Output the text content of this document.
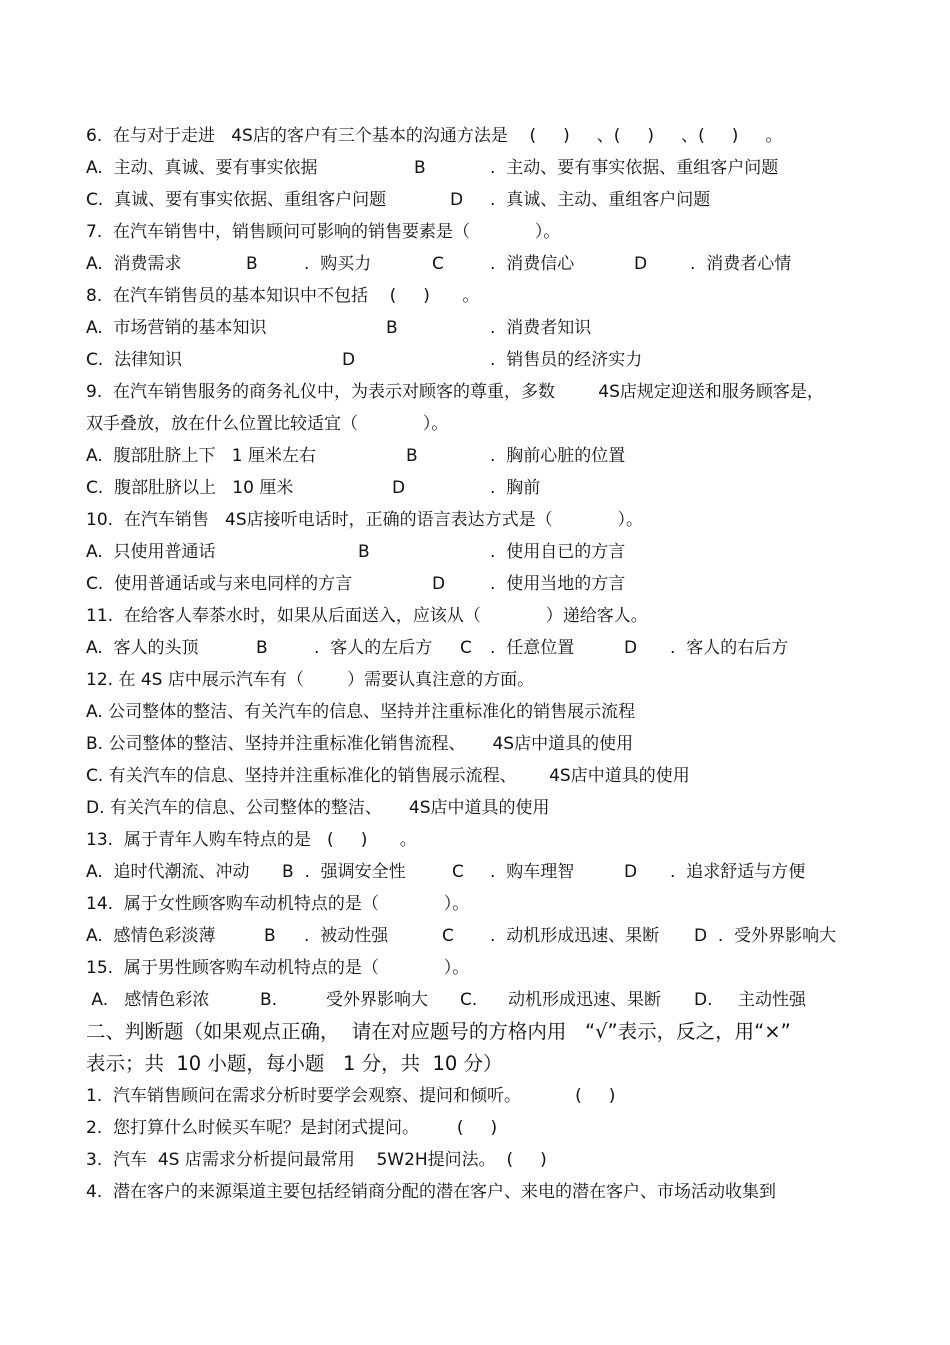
6.  在与对于走进   4S店的客户有三个基本的沟通方法是    (     )     、(     )     、(     )     。

A.  主动、真诚、要有事实依据

	B

	.  主动、要有事实依据、重组客户问题

C.  真诚、要有事实依据、重组客户问题

	D

.  真诚、主动、重组客户问题

7.  在汽车销售中，销售顾问可影响的销售要素是（            ）。

A.  消费需求

	B

	.  购买力

	C

	.  消费信心

	D

	.  消费者心情

8.  在汽车销售员的基本知识中不包括    (     )      。

A.  市场营销的基本知识

	B

	.  消费者知识

C.  法律知识

	D

	.  销售员的经济实力

9.  在汽车销售服务的商务礼仪中，为表示对顾客的尊重，多数        4S店规定迎送和服务顾客是，
双手叠放，放在什么位置比较适宜（            ）。

A.  腹部肚脐上下   1 厘米左右

	B

	.  胸前心脏的位置

C.  腹部肚脐以上   10 厘米

	D

	.  胸前

10.  在汽车销售   4S店接听电话时，正确的语言表达方式是（            ）。

A.  只使用普通话

	B

	.  使用自已的方言

C.  使用普通话或与来电同样的方言

	D

	.  使用当地的方言

11.  在给客人奉茶水时，如果从后面送入，应该从（            ）递给客人。

A.  客人的头顶

	B

	.  客人的左后方

C

.  任意位置

	D

.  客人的右后方

12. 在 4S 店中展示汽车有（        ）需要认真注意的方面。
A. 公司整体的整洁、有关汽车的信息、坚持并注重标准化的销售展示流程
B. 公司整体的整洁、坚持并注重标准化销售流程、     4S店中道具的使用
C. 有关汽车的信息、坚持并注重标准化的销售展示流程、      4S店中道具的使用
D. 有关汽车的信息、公司整体的整洁、     4S店中道具的使用
13.  属于青年人购车特点的是   (     )      。

A.  追时代潮流、冲动

B  .  强调安全性

	C

.  购车理智

	D

.  追求舒适与方便

14.  属于女性顾客购车动机特点的是（            ）。

A.  感情色彩淡薄

	B

.  被动性强

	C

.  动机形成迅速、果断

D  .  受外界影响大

15.  属于男性顾客购车动机特点的是（            ）。

A.   感情色彩浓

	B.

	受外界影响大

C.

动机形成迅速、果断

D.

主动性强

二、判断题（如果观点正确，  请在对应题号的方格内用   “√”表示，反之，用“×”
表示；共  10 小题，每小题   1 分，共  10 分）
1.  汽车销售顾问在需求分析时要学会观察、提问和倾听。          (     )
2.  您打算什么时候买车呢？是封闭式提问。       (     )
3.  汽车  4S 店需求分析提问最常用    5W2H提问法。  (     )
4.  潜在客户的来源渠道主要包括经销商分配的潜在客户、来电的潜在客户、市场活动收集到
